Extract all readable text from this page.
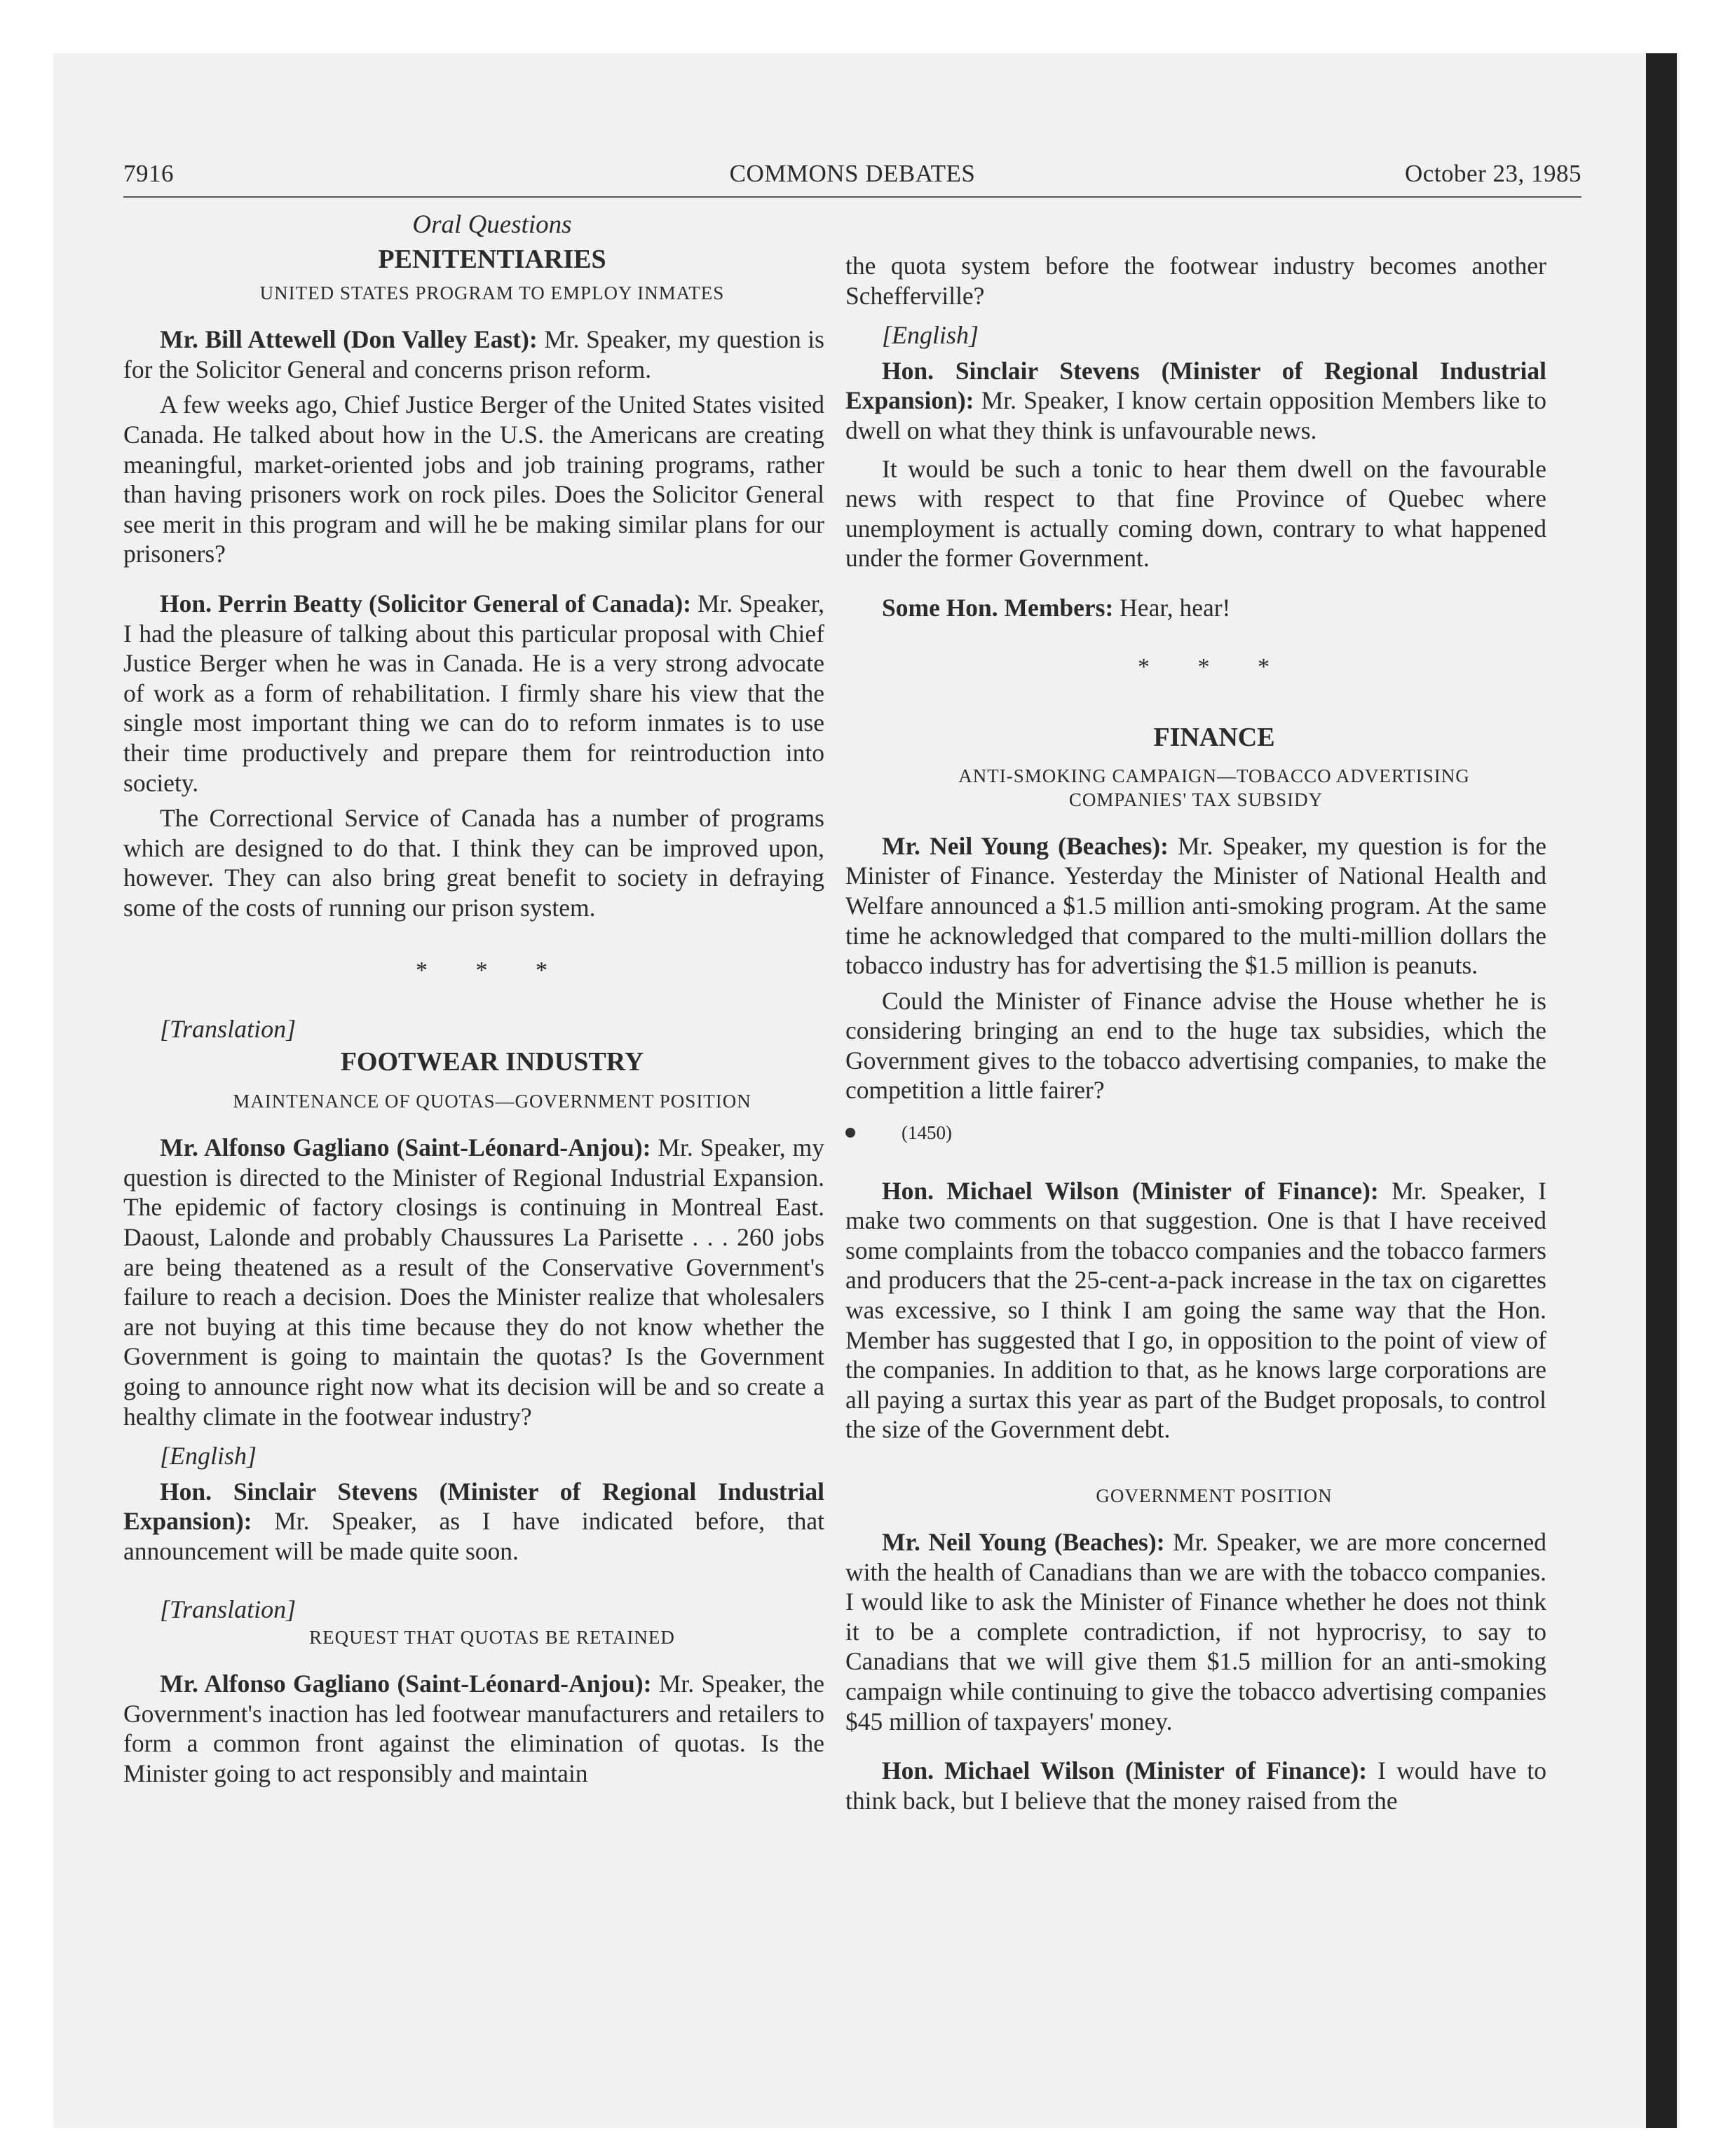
7916	COMMONS DEBATES	October 23, 1985

Oral Questions

PENITENTIARIES

UNITED STATES PROGRAM TO EMPLOY INMATES

Mr. Bill Attewell (Don Valley East): Mr. Speaker, my question is for the Solicitor General and concerns prison reform.

A few weeks ago, Chief Justice Berger of the United States visited Canada. He talked about how in the U.S. the Americans are creating meaningful, market-oriented jobs and job training programs, rather than having prisoners work on rock piles. Does the Solicitor General see merit in this program and will he be making similar plans for our prisoners?

Hon. Perrin Beatty (Solicitor General of Canada): Mr. Speaker, I had the pleasure of talking about this particular proposal with Chief Justice Berger when he was in Canada. He is a very strong advocate of work as a form of rehabilitation. I firmly share his view that the single most important thing we can do to reform inmates is to use their time productively and prepare them for reintroduction into society.

The Correctional Service of Canada has a number of programs which are designed to do that. I think they can be improved upon, however. They can also bring great benefit to society in defraying some of the costs of running our prison system.

* * *

[Translation]

FOOTWEAR INDUSTRY

MAINTENANCE OF QUOTAS—GOVERNMENT POSITION

Mr. Alfonso Gagliano (Saint-Léonard-Anjou): Mr. Speaker, my question is directed to the Minister of Regional Industrial Expansion. The epidemic of factory closings is continuing in Montreal East. Daoust, Lalonde and probably Chaussures La Parisette . . . 260 jobs are being theatened as a result of the Conservative Government's failure to reach a decision. Does the Minister realize that wholesalers are not buying at this time because they do not know whether the Government is going to maintain the quotas? Is the Government going to announce right now what its decision will be and so create a healthy climate in the footwear industry?

[English]

Hon. Sinclair Stevens (Minister of Regional Industrial Expansion): Mr. Speaker, as I have indicated before, that announcement will be made quite soon.

[Translation]

REQUEST THAT QUOTAS BE RETAINED

Mr. Alfonso Gagliano (Saint-Léonard-Anjou): Mr. Speaker, the Government's inaction has led footwear manufacturers and retailers to form a common front against the elimination of quotas. Is the Minister going to act responsibly and maintain

the quota system before the footwear industry becomes another Schefferville?

[English]

Hon. Sinclair Stevens (Minister of Regional Industrial Expansion): Mr. Speaker, I know certain opposition Members like to dwell on what they think is unfavourable news.

It would be such a tonic to hear them dwell on the favourable news with respect to that fine Province of Quebec where unemployment is actually coming down, contrary to what happened under the former Government.

Some Hon. Members: Hear, hear!

* * *

FINANCE

ANTI-SMOKING CAMPAIGN—TOBACCO ADVERTISING COMPANIES' TAX SUBSIDY

Mr. Neil Young (Beaches): Mr. Speaker, my question is for the Minister of Finance. Yesterday the Minister of National Health and Welfare announced a $1.5 million anti-smoking program. At the same time he acknowledged that compared to the multi-million dollars the tobacco industry has for advertising the $1.5 million is peanuts.

Could the Minister of Finance advise the House whether he is considering bringing an end to the huge tax subsidies, which the Government gives to the tobacco advertising companies, to make the competition a little fairer?

(1450)

Hon. Michael Wilson (Minister of Finance): Mr. Speaker, I make two comments on that suggestion. One is that I have received some complaints from the tobacco companies and the tobacco farmers and producers that the 25-cent-a-pack increase in the tax on cigarettes was excessive, so I think I am going the same way that the Hon. Member has suggested that I go, in opposition to the point of view of the companies. In addition to that, as he knows large corporations are all paying a surtax this year as part of the Budget proposals, to control the size of the Government debt.

GOVERNMENT POSITION

Mr. Neil Young (Beaches): Mr. Speaker, we are more concerned with the health of Canadians than we are with the tobacco companies. I would like to ask the Minister of Finance whether he does not think it to be a complete contradiction, if not hyprocrisy, to say to Canadians that we will give them $1.5 million for an anti-smoking campaign while continuing to give the tobacco advertising companies $45 million of taxpayers' money.

Hon. Michael Wilson (Minister of Finance): I would have to think back, but I believe that the money raised from the
